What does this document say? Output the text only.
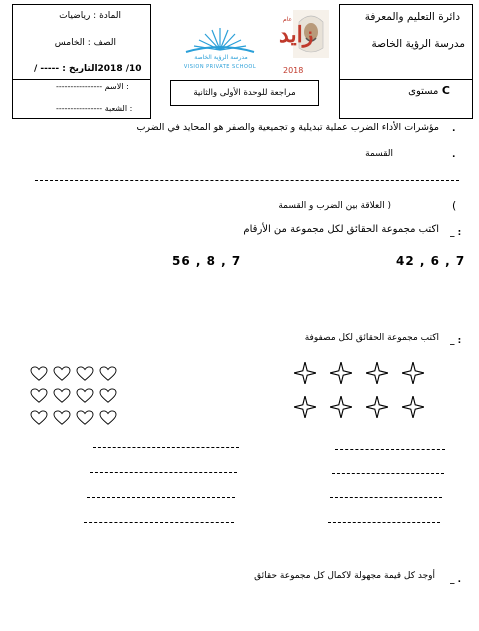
دائرة التعليم والمعرفة
مدرسة الرؤية الخاصة
C مستوى
المادة : رياضيات
الصف : الخامس
10/ 2018التاريخ : ----- /
---------------- الاسم :
---------------- الشعبة :
مراجعة للوحدة الأولى والثانية
مدرسة الرؤية الخاصة
VISION PRIVATE SCHOOL
زايد
عام
2018
.
مؤشرات الأداء الضرب عملية تبديلية و تجميعية والصفر هو المحايد في الضرب
.
القسمة
(
( العلاقة بين الضرب و القسمة
_ :
اكتب مجموعة الحقائق لكل مجموعة من الأرقام
42 , 6 , 7
56 , 8 , 7
_ :
اكتب مجموعة الحقائق لكل مصفوفة
_ .
أوجد كل قيمة مجهولة لاكمال كل مجموعة حقائق
